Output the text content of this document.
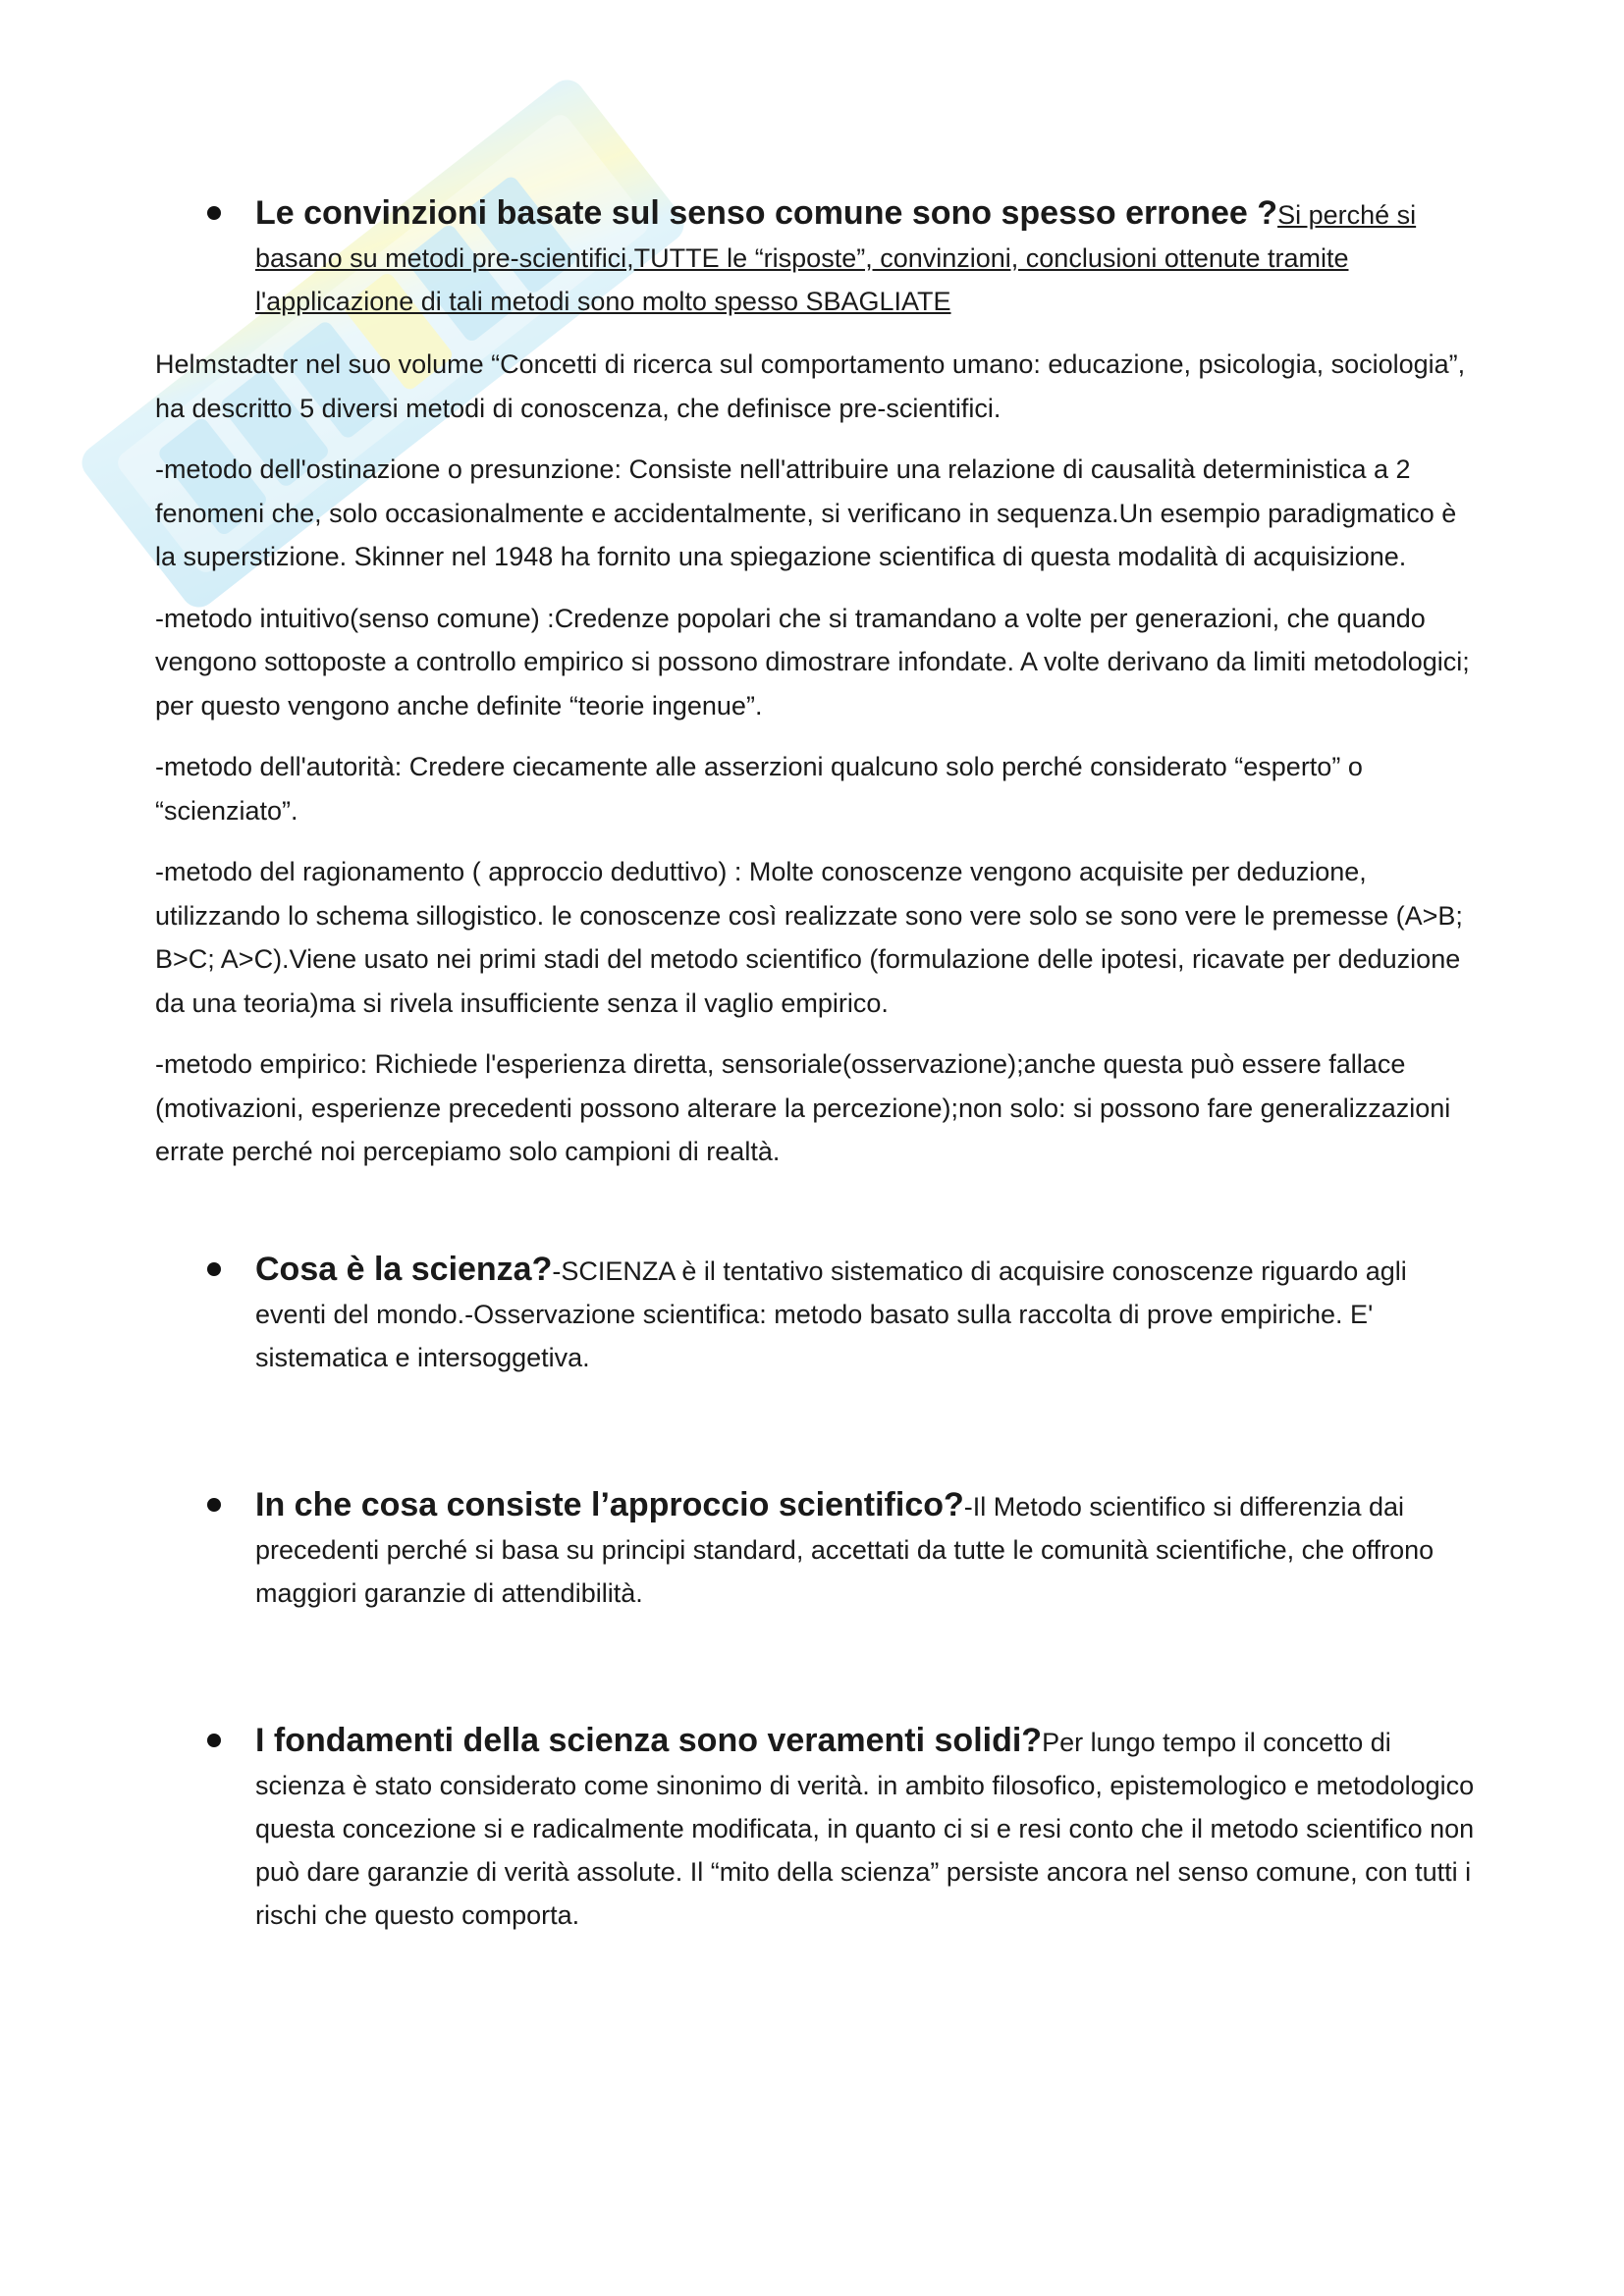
Le convinzioni basate sul senso comune sono spesso erronee ?Si perché si basano su metodi pre-scientifici,TUTTE le “risposte”, convinzioni, conclusioni ottenute tramite l'applicazione di tali metodi sono molto spesso SBAGLIATE

Helmstadter nel suo volume “Concetti di ricerca sul comportamento umano: educazione, psicologia, sociologia”, ha descritto 5 diversi metodi di conoscenza, che definisce pre-scientifici.

-metodo dell'ostinazione o presunzione: Consiste nell'attribuire una relazione di causalità deterministica a 2 fenomeni che, solo occasionalmente e accidentalmente, si verificano in sequenza.Un esempio paradigmatico è la superstizione. Skinner nel 1948 ha fornito una spiegazione scientifica di questa modalità di acquisizione.

-metodo intuitivo(senso comune) :Credenze popolari che si tramandano a volte per generazioni, che quando vengono sottoposte a controllo empirico si possono dimostrare infondate. A volte derivano da limiti metodologici; per questo vengono anche definite “teorie ingenue”.

-metodo dell'autorità: Credere ciecamente alle asserzioni qualcuno solo perché considerato “esperto” o “scienziato”.

-metodo del ragionamento ( approccio deduttivo) : Molte conoscenze vengono acquisite per deduzione, utilizzando lo schema sillogistico. le conoscenze così realizzate sono vere solo se sono vere le premesse (A>B; B>C; A>C).Viene usato nei primi stadi del metodo scientifico (formulazione delle ipotesi, ricavate per deduzione da una teoria)ma si rivela insufficiente senza il vaglio empirico.

-metodo empirico: Richiede l'esperienza diretta, sensoriale(osservazione);anche questa può essere fallace (motivazioni, esperienze precedenti possono alterare la percezione);non solo: si possono fare generalizzazioni errate perché noi percepiamo solo campioni di realtà.

Cosa è la scienza?-SCIENZA è il tentativo sistematico di acquisire conoscenze riguardo agli eventi del mondo.-Osservazione scientifica: metodo basato sulla raccolta di prove empiriche. E' sistematica e intersoggetiva.
In che cosa consiste l’approccio scientifico?-Il Metodo scientifico si differenzia dai precedenti perché si basa su principi standard, accettati da tutte le comunità scientifiche, che offrono maggiori garanzie di attendibilità.
I fondamenti della scienza sono veramenti solidi?Per lungo tempo il concetto di scienza è stato considerato come sinonimo di verità. in ambito filosofico, epistemologico e metodologico questa concezione si e radicalmente modificata, in quanto ci si e resi conto che il metodo scientifico non può dare garanzie di verità assolute. Il “mito della scienza” persiste ancora nel senso comune, con tutti i rischi che questo comporta.
